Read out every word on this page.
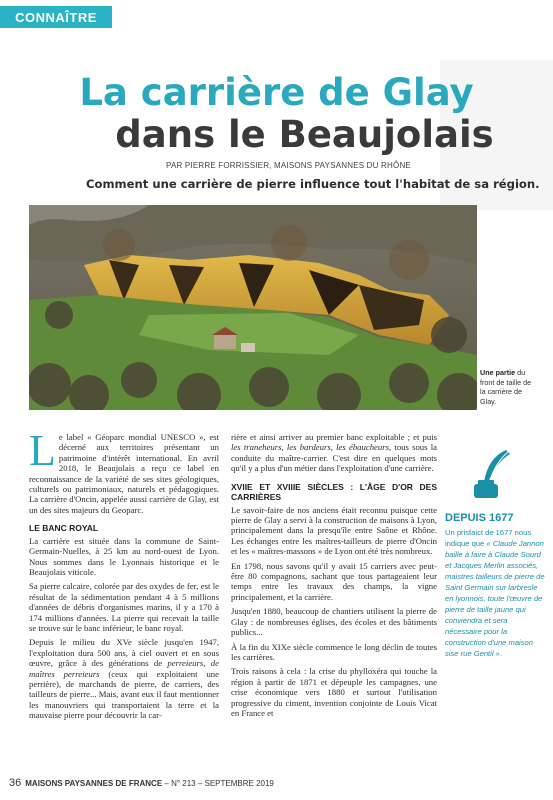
CONNAÎTRE
La carrière de Glay
dans le Beaujolais
PAR PIERRE FORRISSIER, MAISONS PAYSANNES DU RHÔNE
Comment une carrière de pierre influence tout l'habitat de sa région.
Une partie du front de taille de la carrière de Glay.

Le label « Géoparc mondial UNESCO », est décerné aux territoires présentant un patrimoine d'intérêt international. En avril 2018, le Beaujolais a reçu ce label en reconnaissance de la variété de ses sites géologiques, culturels ou patrimoniaux, naturels et pédagogiques. La carrière d'Oncin, appelée aussi carrière de Glay, est un des sites majeurs du Geoparc.

LE BANC ROYAL

La carrière est située dans la commune de Saint-Germain-Nuelles, à 25 km au nord-ouest de Lyon. Nous sommes dans le Lyonnais historique et le Beaujolais viticole.

Sa pierre calcaire, colorée par des oxydes de fer, est le résultat de la sédimentation pendant 4 à 5 millions d'années de débris d'organismes marins, il y a 170 à 174 millions d'années. La pierre qui recevait la taille se trouve sur le banc inférieur, le banc royal.

Depuis le milieu du XVe siècle jusqu'en 1947, l'exploitation dura 500 ans, à ciel ouvert et en sous œuvre, grâce à des générations de perreieurs, de maîtres perreieurs (ceux qui exploitaient une perrière), de marchands de pierre, de carriers, des tailleurs de pierre... Mais, avant eux il faut mentionner les manouvriers qui transportaient la terre et la mauvaise pierre pour découvrir la car-

rière et ainsi arriver au premier banc exploitable ; et puis les traneheurs, les bardeurs, les ébaucheurs, tous sous la conduite du maître-carrier. C'est dire en quelques mots qu'il y a plus d'un métier dans l'exploitation d'une carrière.

XVIIE ET XVIIIE SIÈCLES : L'ÂGE D'OR DES CARRIÈRES

Le savoir-faire de nos anciens était reconnu puisque cette pierre de Glay a servi à la construction de maisons à Lyon, principalement dans la presqu'île entre Saône et Rhône. Les échanges entre les maîtres-tailleurs de pierre d'Oncin et les « maîtres-massons » de Lyon ont été très nombreux.

En 1798, nous savons qu'il y avait 15 carriers avec peut-être 80 compagnons, sachant que tous partageaient leur temps entre les travaux des champs, la vigne principalement, et la carrière.

Jusqu'en 1880, beaucoup de chantiers utilisent la pierre de Glay : de nombreuses églises, des écoles et des bâtiments publics...

À la fin du XIXe siècle commence le long déclin de toutes les carrières.

Trois raisons à cela : la crise du phylloxéra qui touche la région à partir de 1871 et dépeuple les campagnes, une crise économique vers 1880 et surtout l'utilisation progressive du ciment, invention conjointe de Louis Vicat en France et

DEPUIS 1677
Un prisfaict de 1677 nous indique que « Claude Jannon baille à faire à Claude Sourd et Jacques Merlin associés, maistres tailleurs de pierre de Saint Germain sur larbresle en lyonnois, toute l'œuvre de pierre de taille jaune qui conviendra et sera nécessaire pour la construction d'une maison sise rue Gentil ».
36 MAISONS PAYSANNES DE FRANCE – N° 213 – SEPTEMBRE 2019
